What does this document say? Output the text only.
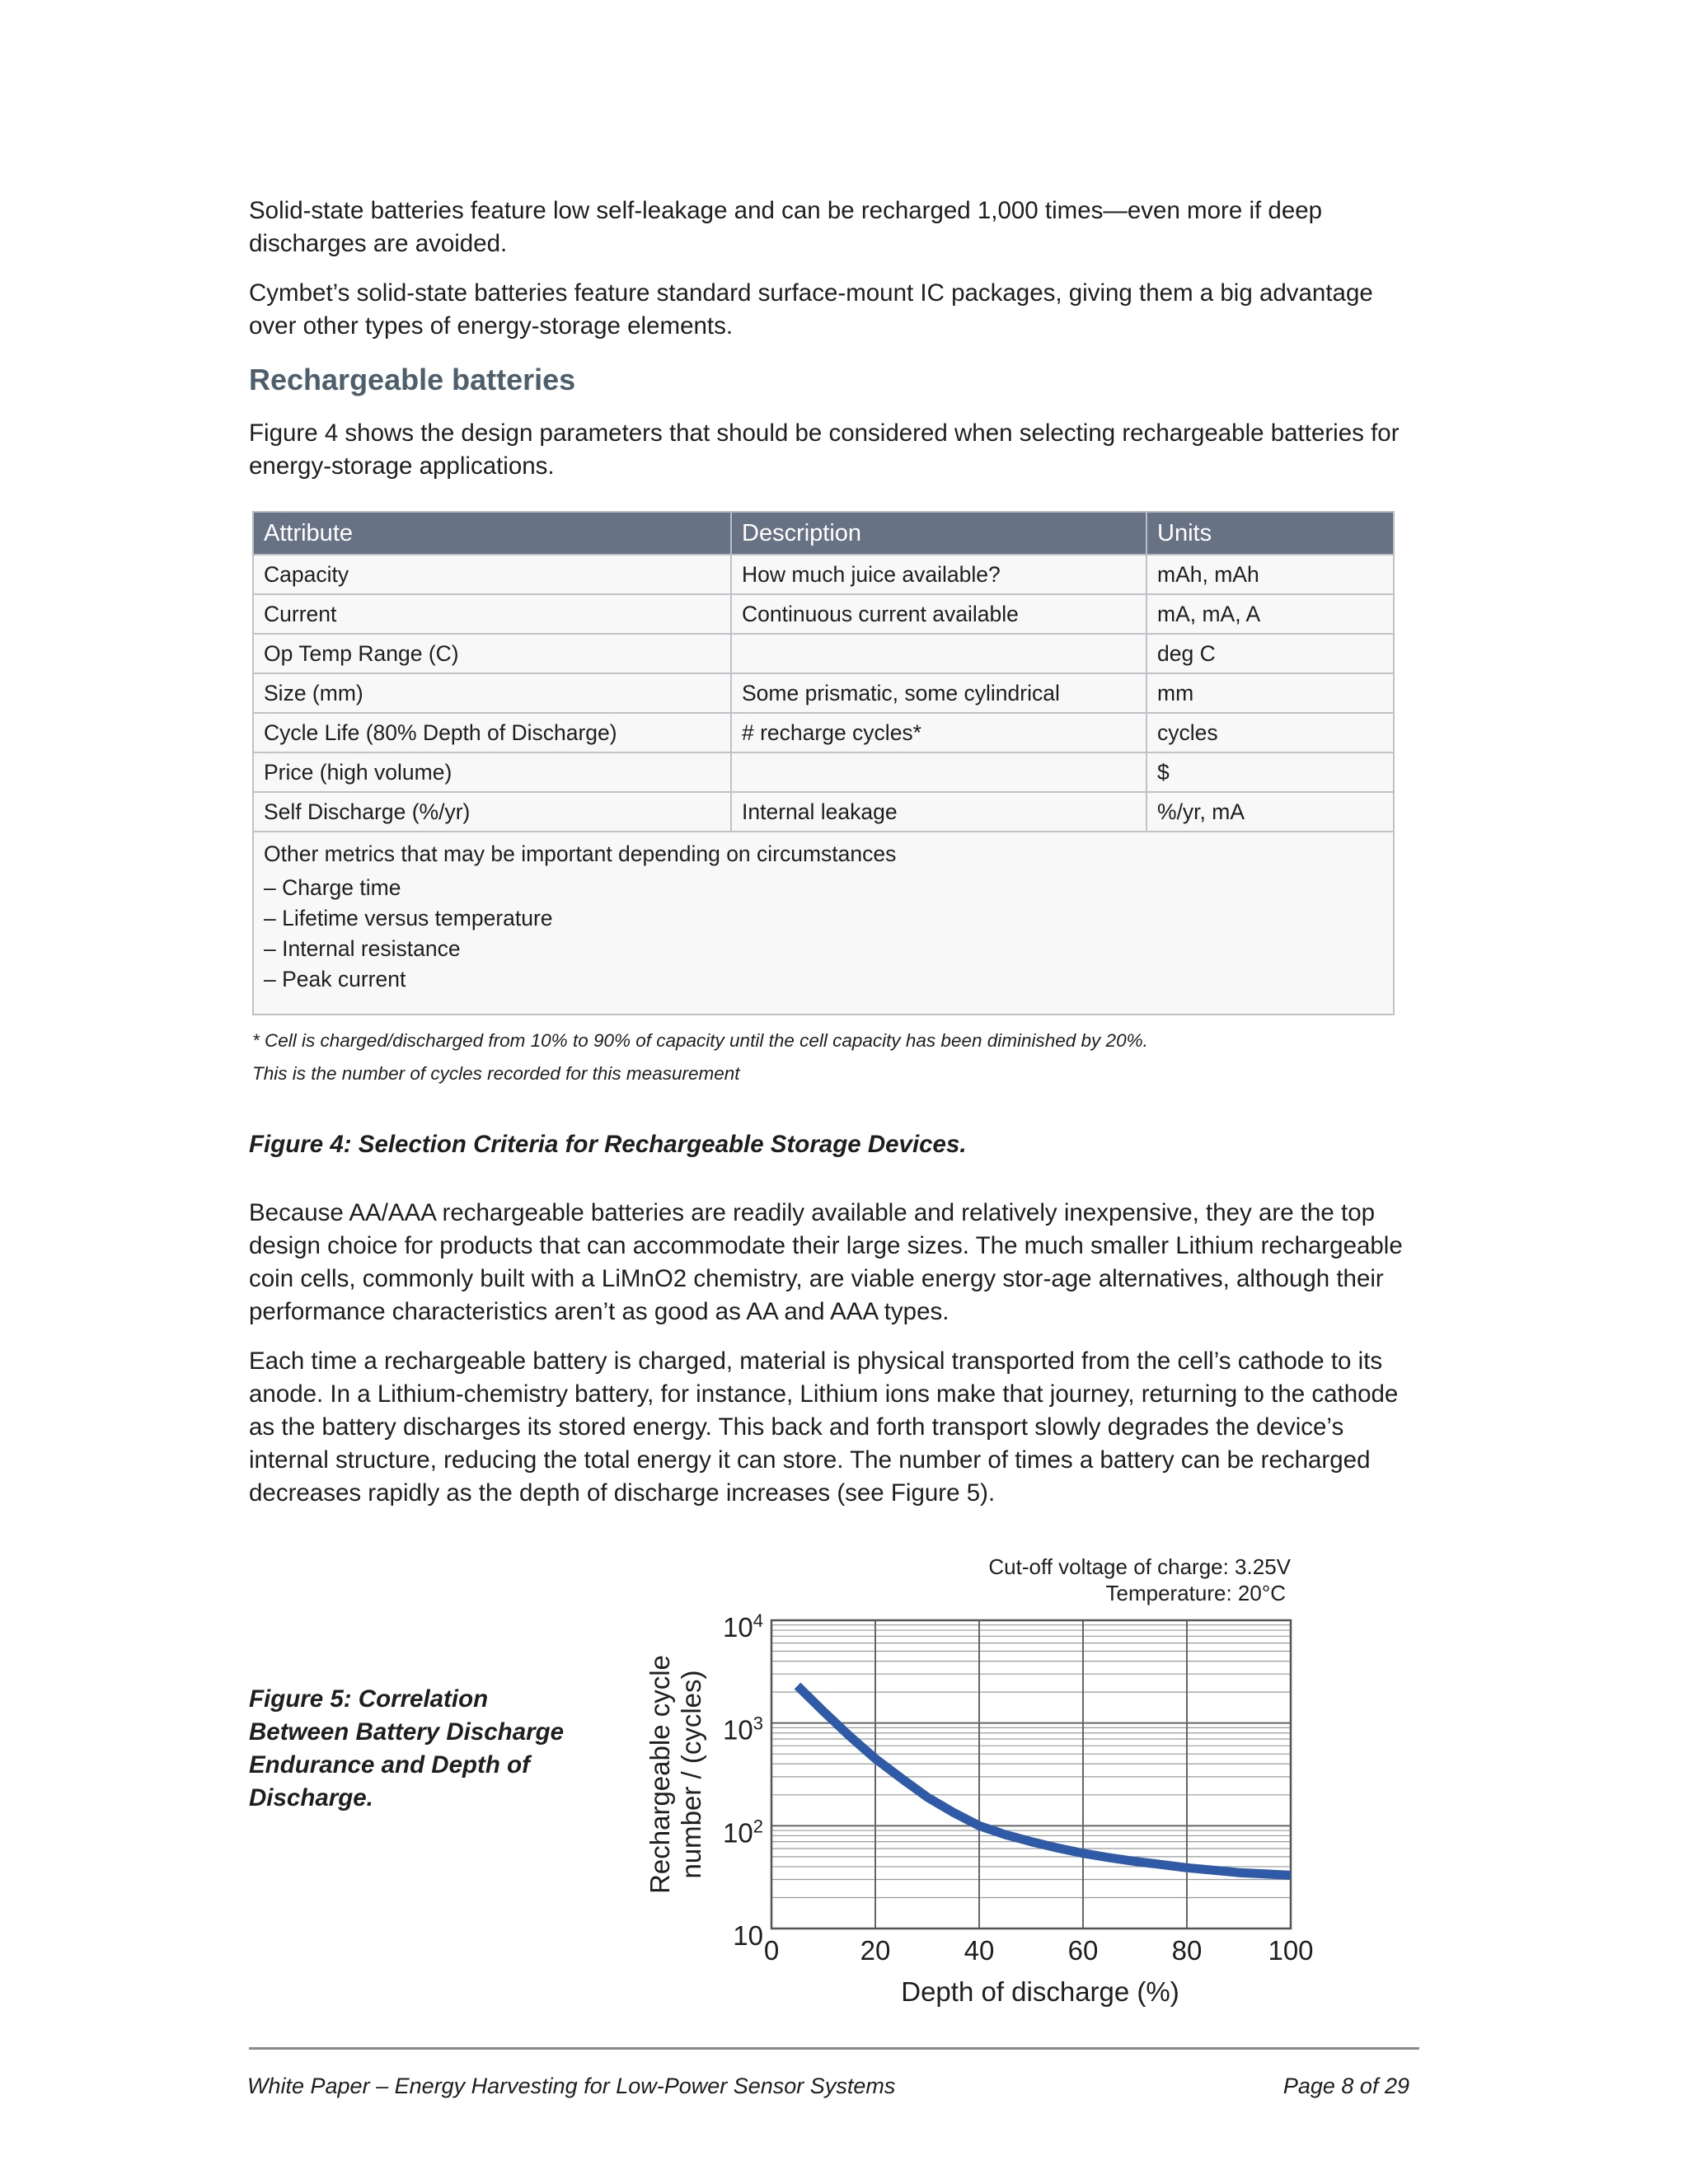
Solid-state batteries feature low self-leakage and can be recharged 1,000 times—even more if deep discharges are avoided.

Cymbet’s solid-state batteries feature standard surface-mount IC packages, giving them a big advantage over other types of energy-storage elements.

Rechargeable batteries

Figure 4 shows the design parameters that should be considered when selecting rechargeable batteries for energy-storage applications.

Attribute	Description	Units
Capacity	How much juice available?	mAh, mAh
Current	Continuous current available	mA, mA, A
Op Temp Range (C)		deg C
Size (mm)	Some prismatic, some cylindrical	mm
Cycle Life (80% Depth of Discharge)	# recharge cycles*	cycles
Price (high volume)		$
Self Discharge (%/yr)	Internal leakage	%/yr, mA

Other metrics that may be important depending on circumstances
– Charge time
– Lifetime versus temperature
– Internal resistance
– Peak current		
* Cell is charged/discharged from 10% to 90% of capacity until the cell capacity has been diminished by 20%.
This is the number of cycles recorded for this measurement
Figure 4: Selection Criteria for Rechargeable Storage Devices.

Because AA/AAA rechargeable batteries are readily available and relatively inexpensive, they are the top design choice for products that can accommodate their large sizes. The much smaller Lithium rechargeable coin cells, commonly built with a LiMnO2 chemistry, are viable energy stor-age alternatives, although their performance characteristics aren’t as good as AA and AAA types.

Each time a rechargeable battery is charged, material is physical transported from the cell’s cathode to its anode. In a Lithium-chemistry battery, for instance, Lithium ions make that journey, returning to the cathode as the battery discharges its stored energy. This back and forth transport slowly degrades the device’s internal structure, reducing the total energy it can store. The number of times a battery can be recharged decreases rapidly as the depth of discharge increases (see Figure 5).

Figure 5: Correlation Between Battery Discharge Endurance and Depth of Discharge.
0	20	40	60	80 100
10
$10^2$
$10^3$
$10^4$
Cut-off voltage of charge: 3.25V
Temperature: 20°C
Depth of discharge (%)
Rechargeable cycle number / (cycles)
White Paper – Energy Harvesting for Low-Power Sensor Systems	Page 8 of 29
